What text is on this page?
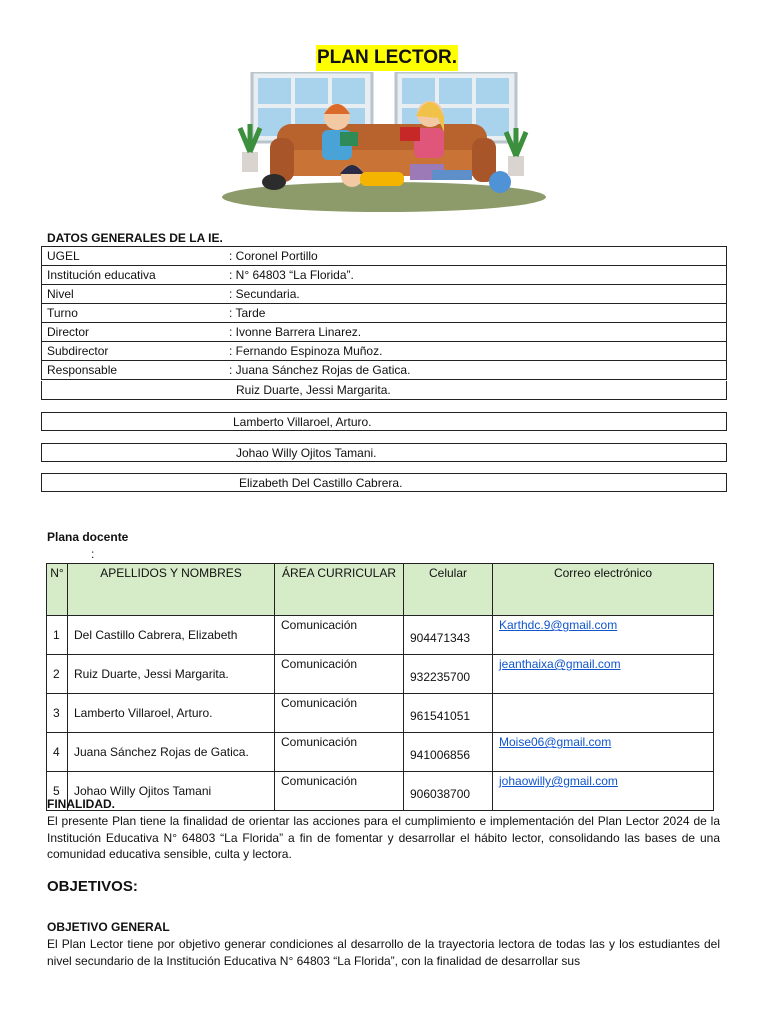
PLAN LECTOR.
DATOS GENERALES DE LA IE.
UGEL	: Coronel Portillo
Institución educativa	: N° 64803 “La Florida”.
Nivel	: Secundaria.
Turno	: Tarde
Director	: Ivonne Barrera Linarez.
Subdirector	: Fernando Espinoza Muñoz.
Responsable	: Juana Sánchez Rojas de Gatica.
Ruiz Duarte, Jessi Margarita.
Lamberto Villaroel, Arturo.
Johao Willy Ojitos Tamani.
Elizabeth Del Castillo Cabrera.
Plana docente
:
N°	APELLIDOS Y NOMBRES	ÁREA CURRICULAR	Celular	Correo electrónico
1	Del Castillo Cabrera, Elizabeth	Comunicación	904471343	Karthdc.9@gmail.com
2	Ruiz Duarte, Jessi Margarita.	Comunicación	932235700	jeanthaixa@gmail.com
3	Lamberto Villaroel, Arturo.	Comunicación	961541051	
4	Juana Sánchez Rojas de Gatica.	Comunicación	941006856	Moise06@gmail.com
5	Johao Willy Ojitos Tamani	Comunicación	906038700	johaowilly@gmail.com
FINALIDAD.
El presente Plan tiene la finalidad de orientar las acciones para el cumplimiento e implementación del Plan Lector 2024 de la Institución Educativa N° 64803 “La Florida” a fin de fomentar y desarrollar el hábito lector, consolidando las bases de una comunidad educativa sensible, culta y lectora.
OBJETIVOS:
OBJETIVO GENERAL
El Plan Lector tiene por objetivo generar condiciones al desarrollo de la trayectoria lectora de todas las y los estudiantes del nivel secundario de la Institución Educativa N° 64803 “La Florida”, con la finalidad de desarrollar sus
